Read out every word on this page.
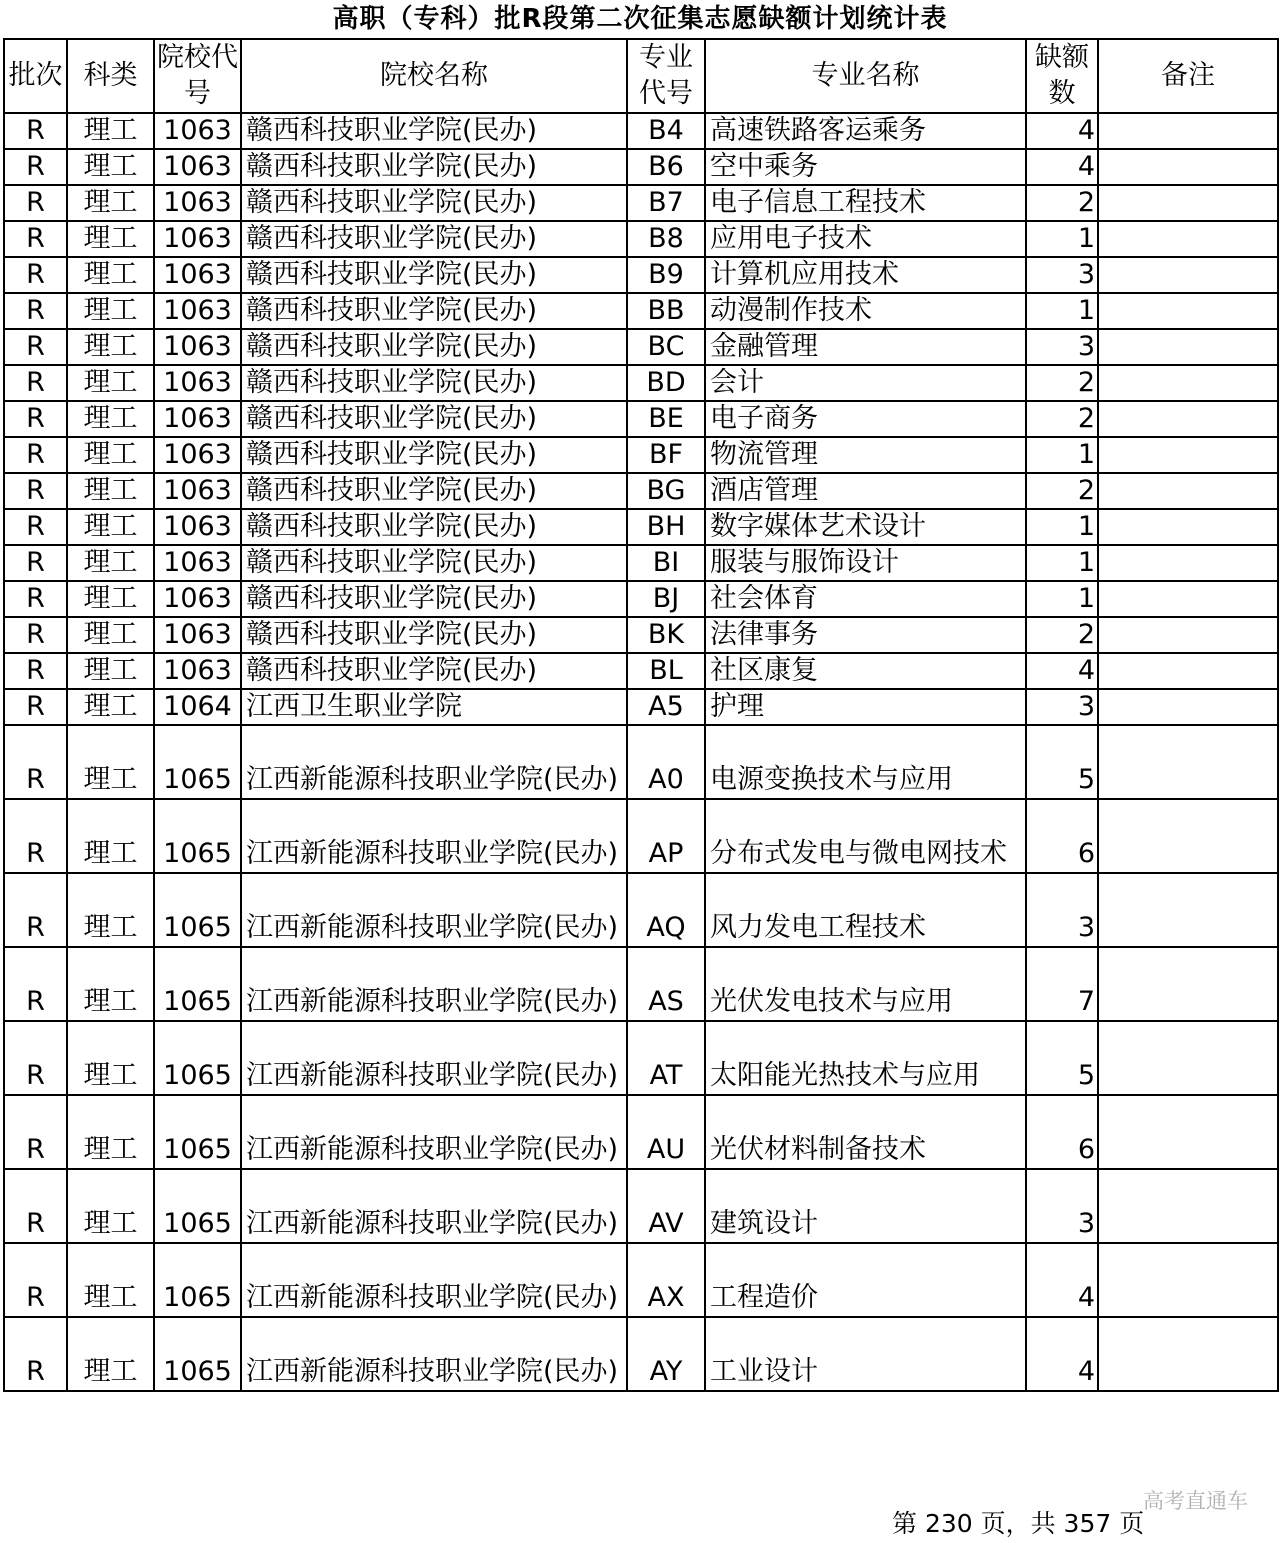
高职（专科）批R段第二次征集志愿缺额计划统计表
批次	科类	院校代号	院校名称	专业代号	专业名称	缺额数	备注
R	理工	1063	赣西科技职业学院(民办)	B4	高速铁路客运乘务	4	
R	理工	1063	赣西科技职业学院(民办)	B6	空中乘务	4	
R	理工	1063	赣西科技职业学院(民办)	B7	电子信息工程技术	2	
R	理工	1063	赣西科技职业学院(民办)	B8	应用电子技术	1	
R	理工	1063	赣西科技职业学院(民办)	B9	计算机应用技术	3	
R	理工	1063	赣西科技职业学院(民办)	BB	动漫制作技术	1	
R	理工	1063	赣西科技职业学院(民办)	BC	金融管理	3	
R	理工	1063	赣西科技职业学院(民办)	BD	会计	2	
R	理工	1063	赣西科技职业学院(民办)	BE	电子商务	2	
R	理工	1063	赣西科技职业学院(民办)	BF	物流管理	1	
R	理工	1063	赣西科技职业学院(民办)	BG	酒店管理	2	
R	理工	1063	赣西科技职业学院(民办)	BH	数字媒体艺术设计	1	
R	理工	1063	赣西科技职业学院(民办)	BI	服装与服饰设计	1	
R	理工	1063	赣西科技职业学院(民办)	BJ	社会体育	1	
R	理工	1063	赣西科技职业学院(民办)	BK	法律事务	2	
R	理工	1063	赣西科技职业学院(民办)	BL	社区康复	4	
R	理工	1064	江西卫生职业学院	A5	护理	3	
R	理工	1065	江西新能源科技职业学院(民办)	A0	电源变换技术与应用	5	
R	理工	1065	江西新能源科技职业学院(民办)	AP	分布式发电与微电网技术	6	
R	理工	1065	江西新能源科技职业学院(民办)	AQ	风力发电工程技术	3	
R	理工	1065	江西新能源科技职业学院(民办)	AS	光伏发电技术与应用	7	
R	理工	1065	江西新能源科技职业学院(民办)	AT	太阳能光热技术与应用	5	
R	理工	1065	江西新能源科技职业学院(民办)	AU	光伏材料制备技术	6	
R	理工	1065	江西新能源科技职业学院(民办)	AV	建筑设计	3	
R	理工	1065	江西新能源科技职业学院(民办)	AX	工程造价	4	
R	理工	1065	江西新能源科技职业学院(民办)	AY	工业设计	4	
高考直通车
第 230 页，共 357 页
